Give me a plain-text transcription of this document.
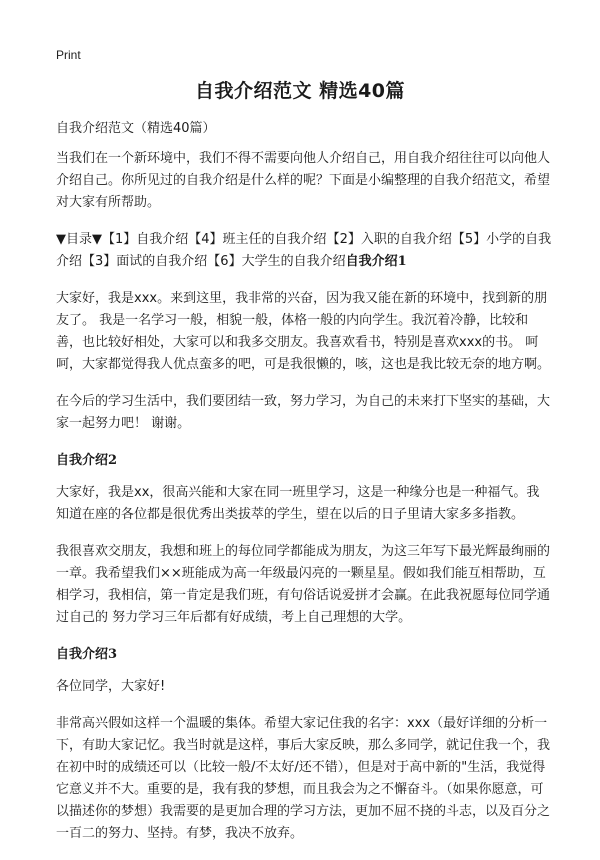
Print
自我介绍范文 精选40篇

自我介绍范文（精选40篇）

当我们在一个新环境中，我们不得不需要向他人介绍自己，用自我介绍往往可以向他人介绍自己。你所见过的自我介绍是什么样的呢？下面是小编整理的自我介绍范文，希望对大家有所帮助。

▼目录▼【1】自我介绍【4】班主任的自我介绍【2】入职的自我介绍【5】小学的自我介绍【3】面试的自我介绍【6】大学生的自我介绍自我介绍1

大家好，我是xxx。来到这里，我非常的兴奋，因为我又能在新的环境中，找到新的朋友了。 我是一名学习一般，相貌一般，体格一般的内向学生。我沉着冷静，比较和善，也比较好相处，大家可以和我多交朋友。我喜欢看书，特别是喜欢xxx的书。 呵呵，大家都觉得我人优点蛮多的吧，可是我很懒的，咳，这也是我比较无奈的地方啊。

在今后的学习生活中，我们要团结一致，努力学习，为自己的未来打下坚实的基础，大家一起努力吧！ 谢谢。

自我介绍2

大家好，我是xx，很高兴能和大家在同一班里学习，这是一种缘分也是一种福气。我知道在座的各位都是很优秀出类拔萃的学生，望在以后的日子里请大家多多指教。

我很喜欢交朋友，我想和班上的每位同学都能成为朋友，为这三年写下最光辉最绚丽的一章。我希望我们××班能成为高一年级最闪亮的一颗星星。假如我们能互相帮助，互相学习，我相信，第一肯定是我们班，有句俗话说爱拼才会赢。在此我祝愿每位同学通过自己的 努力学习三年后都有好成绩，考上自己理想的大学。

自我介绍3

各位同学，大家好!

非常高兴假如这样一个温暖的集体。希望大家记住我的名字：xxx（最好详细的分析一下，有助大家记忆。我当时就是这样，事后大家反映，那么多同学，就记住我一个，我在初中时的成绩还可以（比较一般/不太好/还不错），但是对于高中新的"生活，我觉得它意义并不大。重要的是，我有我的梦想，而且我会为之不懈奋斗。（如果你愿意，可以描述你的梦想）我需要的是更加合理的学习方法，更加不屈不挠的斗志，以及百分之一百二的努力、坚持。有梦，我决不放弃。
